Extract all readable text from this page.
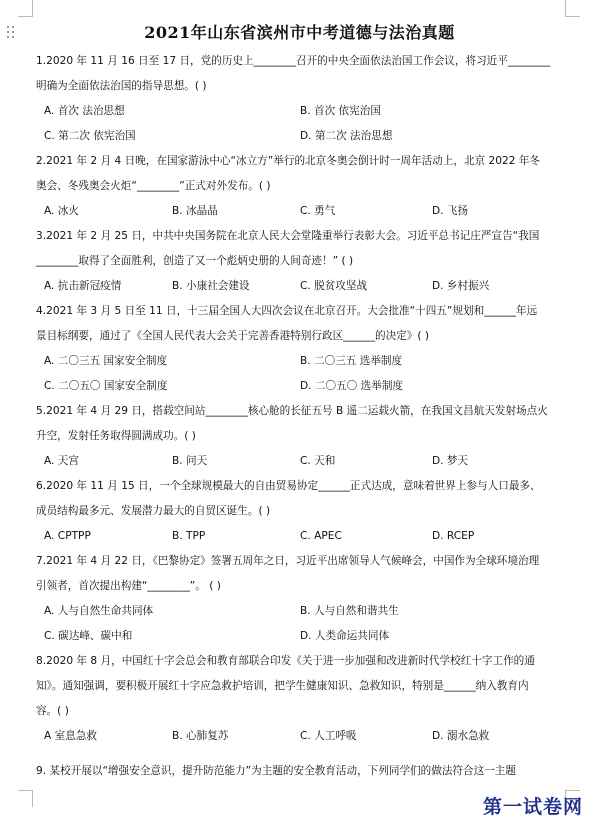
2021年山东省滨州市中考道德与法治真题
1.2020 年 11 月 16 日至 17 日，党的历史上________召开的中央全面依法治国工作会议，将习近平________
明确为全面依法治国的指导思想。( )
A. 首次 法治思想	B. 首次 依宪治国
C. 第二次 依宪治国	D. 第二次 法治思想
2.2021 年 2 月 4 日晚，在国家游泳中心“冰立方”举行的北京冬奥会倒计时一周年活动上，北京 2022 年冬
奥会、冬残奥会火炬“________”正式对外发布。( )
A. 冰火	B. 冰晶晶	C. 勇气	D. 飞扬
3.2021 年 2 月 25 日，中共中央国务院在北京人民大会堂隆重举行表彰大会。习近平总书记庄严宣告“我国
________取得了全面胜利，创造了又一个彪炳史册的人间奇迹！” ( )
A. 抗击新冠疫情	B. 小康社会建设	C. 脱贫攻坚战	D. 乡村振兴
4.2021 年 3 月 5 日至 11 日，十三届全国人大四次会议在北京召开。大会批准“十四五”规划和______年远
景目标纲要，通过了《全国人民代表大会关于完善香港特别行政区______的决定》( )
A. 二〇三五 国家安全制度	B. 二〇三五 选举制度
C. 二〇五〇 国家安全制度	D. 二〇五〇 选举制度
5.2021 年 4 月 29 日，搭载空间站________核心舱的长征五号 B 遥二运载火箭，在我国文昌航天发射场点火
升空，发射任务取得圆满成功。( )
A. 天宫	B. 问天	C. 天和	D. 梦天
6.2020 年 11 月 15 日，一个全球规模最大的自由贸易协定______正式达成，意味着世界上参与人口最多、
成员结构最多元、发展潜力最大的自贸区诞生。( )
A. CPTPP	B. TPP	C. APEC	D. RCEP
7.2021 年 4 月 22 日，《巴黎协定》签署五周年之日，习近平出席领导人气候峰会，中国作为全球环境治理
引领者，首次提出构建“________”。 ( )
A. 人与自然生命共同体	B. 人与自然和谐共生
C. 碳达峰、碳中和	D. 人类命运共同体
8.2020 年 8 月，中国红十字会总会和教育部联合印发《关于进一步加强和改进新时代学校红十字工作的通
知》。通知强调，要积极开展红十字应急救护培训，把学生健康知识、急救知识，特别是______纳入教育内
容。( )
A 室息急救	B. 心肺复苏	C. 人工呼吸	D. 溺水急救
9. 某校开展以“增强安全意识，提升防范能力”为主题的安全教育活动，下列同学们的做法符合这一主题
第一试卷网
